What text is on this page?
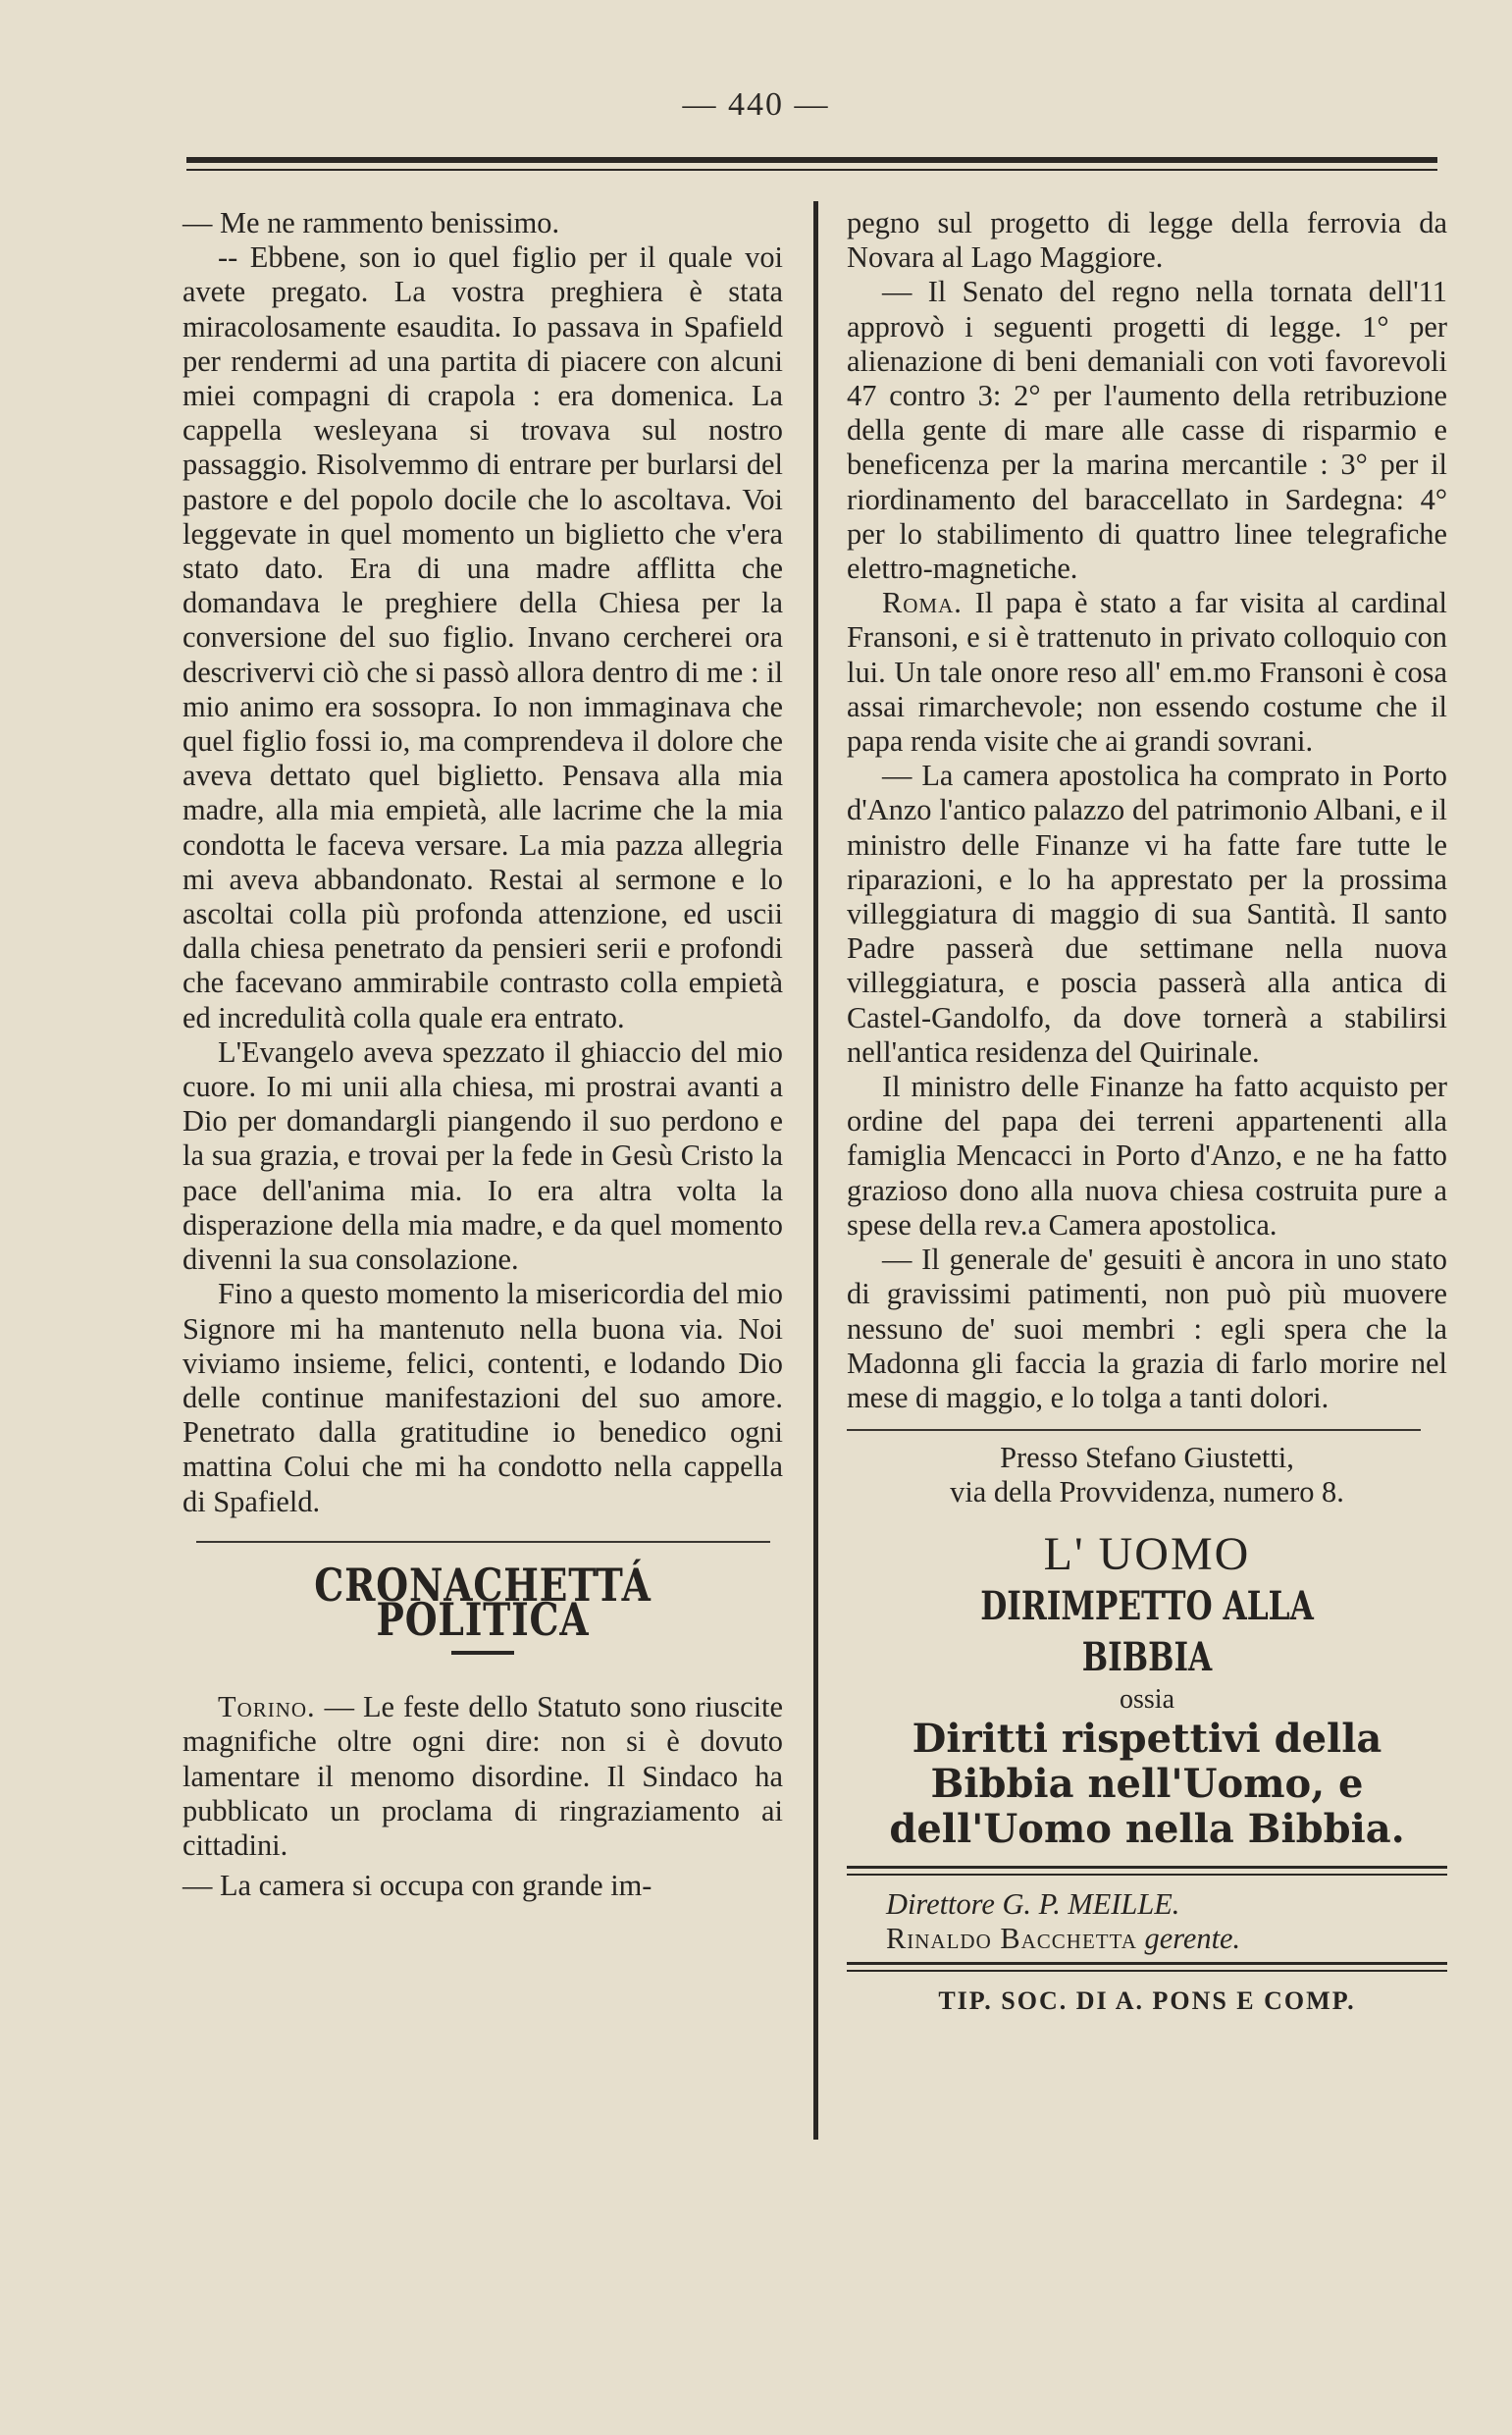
— 440 —

— Me ne rammento benissimo.

-- Ebbene, son io quel figlio per il quale voi avete pregato. La vostra preghiera è stata miracolosamente esaudita. Io passava in Spafield per rendermi ad una partita di piacere con alcuni miei compagni di crapola : era domenica. La cappella wesleyana si trovava sul nostro passaggio. Risolvemmo di entrare per burlarsi del pastore e del popolo docile che lo ascoltava. Voi leggevate in quel momento un biglietto che v'era stato dato. Era di una madre afflitta che domandava le preghiere della Chiesa per la conversione del suo figlio. Invano cercherei ora descrivervi ciò che si passò allora dentro di me : il mio animo era sossopra. Io non immaginava che quel figlio fossi io, ma comprendeva il dolore che aveva dettato quel biglietto. Pensava alla mia madre, alla mia empietà, alle lacrime che la mia condotta le faceva versare. La mia pazza allegria mi aveva abbandonato. Restai al sermone e lo ascoltai colla più profonda attenzione, ed uscii dalla chiesa penetrato da pensieri serii e profondi che facevano ammirabile contrasto colla empietà ed incredulità colla quale era entrato.

L'Evangelo aveva spezzato il ghiaccio del mio cuore. Io mi unii alla chiesa, mi prostrai avanti a Dio per domandargli piangendo il suo perdono e la sua grazia, e trovai per la fede in Gesù Cristo la pace dell'anima mia. Io era altra volta la disperazione della mia madre, e da quel momento divenni la sua consolazione.

Fino a questo momento la misericordia del mio Signore mi ha mantenuto nella buona via. Noi viviamo insieme, felici, contenti, e lodando Dio delle continue manifestazioni del suo amore. Penetrato dalla gratitudine io benedico ogni mattina Colui che mi ha condotto nella cappella di Spafield.

CRONACHETTÁ POLITICA

Torino. — Le feste dello Statuto sono riuscite magnifiche oltre ogni dire: non si è dovuto lamentare il menomo disordine. Il Sindaco ha pubblicato un proclama di ringraziamento ai cittadini.

— La camera si occupa con grande im-

pegno sul progetto di legge della ferrovia da Novara al Lago Maggiore.

— Il Senato del regno nella tornata dell'11 approvò i seguenti progetti di legge. 1° per alienazione di beni demaniali con voti favorevoli 47 contro 3: 2° per l'aumento della retribuzione della gente di mare alle casse di risparmio e beneficenza per la marina mercantile : 3° per il riordinamento del baraccellato in Sardegna: 4° per lo stabilimento di quattro linee telegrafiche elettro-magnetiche.

Roma. Il papa è stato a far visita al cardinal Fransoni, e si è trattenuto in privato colloquio con lui. Un tale onore reso all' em.mo Fransoni è cosa assai rimarchevole; non essendo costume che il papa renda visite che ai grandi sovrani.

— La camera apostolica ha comprato in Porto d'Anzo l'antico palazzo del patrimonio Albani, e il ministro delle Finanze vi ha fatte fare tutte le riparazioni, e lo ha apprestato per la prossima villeggiatura di maggio di sua Santità. Il santo Padre passerà due settimane nella nuova villeggiatura, e poscia passerà alla antica di Castel-Gandolfo, da dove tornerà a stabilirsi nell'antica residenza del Quirinale.

Il ministro delle Finanze ha fatto acquisto per ordine del papa dei terreni appartenenti alla famiglia Mencacci in Porto d'Anzo, e ne ha fatto grazioso dono alla nuova chiesa costruita pure a spese della rev.a Camera apostolica.

— Il generale de' gesuiti è ancora in uno stato di gravissimi patimenti, non può più muovere nessuno de' suoi membri : egli spera che la Madonna gli faccia la grazia di farlo morire nel mese di maggio, e lo tolga a tanti dolori.

Presso Stefano Giustetti,

via della Provvidenza, numero 8.

L' UOMO
DIRIMPETTO ALLA BIBBIA
ossia
Diritti rispettivi della Bibbia nell'Uomo, e dell'Uomo nella Bibbia.

Direttore G. P. MEILLE.

Rinaldo Bacchetta gerente.

TIP. SOC. DI A. PONS E COMP.
